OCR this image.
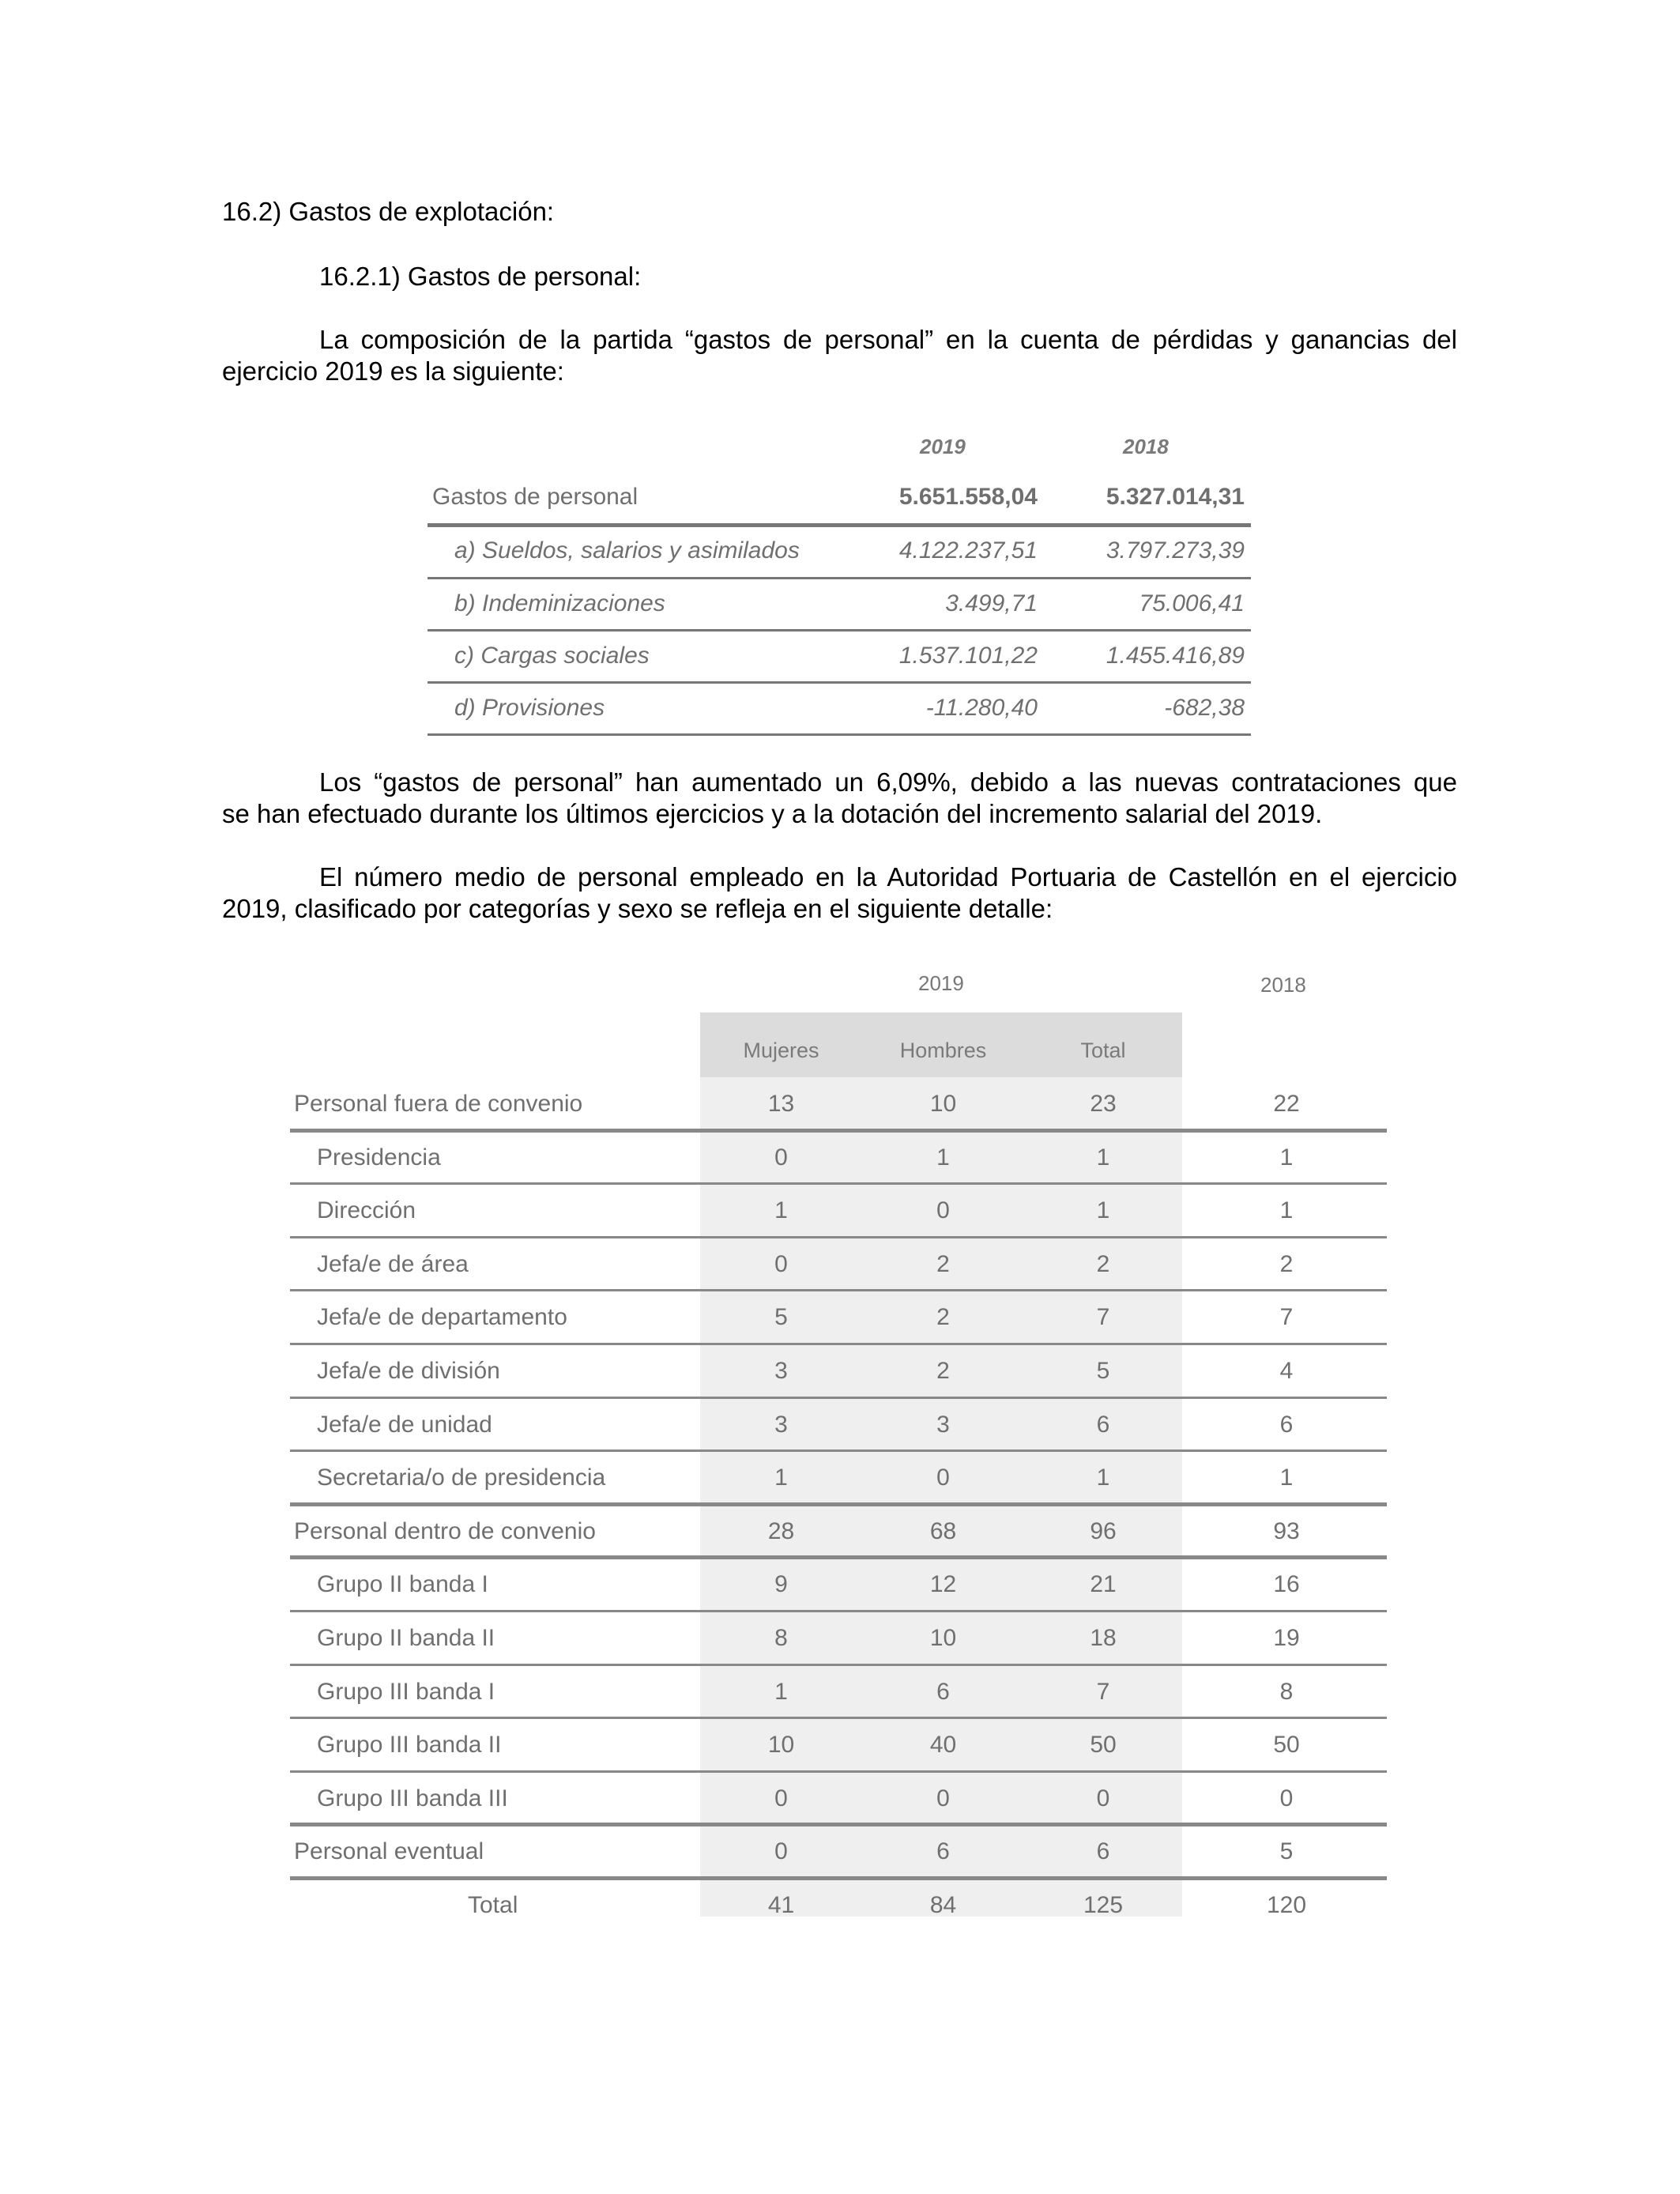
16.2) Gastos de explotación:
16.2.1) Gastos de personal:
La composición de la partida “gastos de personal” en la cuenta de pérdidas y ganancias del
ejercicio 2019 es la siguiente:
2019	2018
Gastos de personal	5.651.558,04	5.327.014,31
a) Sueldos, salarios y asimilados	4.122.237,51	3.797.273,39
b) Indeminizaciones	3.499,71	75.006,41
c) Cargas sociales	1.537.101,22	1.455.416,89
d) Provisiones	-11.280,40	-682,38
Los “gastos de personal” han aumentado un 6,09%, debido a las nuevas contrataciones que
se han efectuado durante los últimos ejercicios y a la dotación del incremento salarial del 2019.
El número medio de personal empleado en la Autoridad Portuaria de Castellón en el ejercicio
2019, clasificado por categorías y sexo se refleja en el siguiente detalle:
2019	2018
Mujeres	Hombres	Total
Personal fuera de convenio	13	10	23	22
Presidencia	0	1	1	1
Dirección	1	0	1	1
Jefa/e de área	0	2	2	2
Jefa/e de departamento	5	2	7	7
Jefa/e de división	3	2	5	4
Jefa/e de unidad	3	3	6	6
Secretaria/o de presidencia	1	0	1	1
Personal dentro de convenio	28	68	96	93
Grupo II banda I	9	12	21	16
Grupo II banda II	8	10	18	19
Grupo III banda I	1	6	7	8
Grupo III banda II	10	40	50	50
Grupo III banda III	0	0	0	0
Personal eventual	0	6	6	5
Total	41	84	125	120
